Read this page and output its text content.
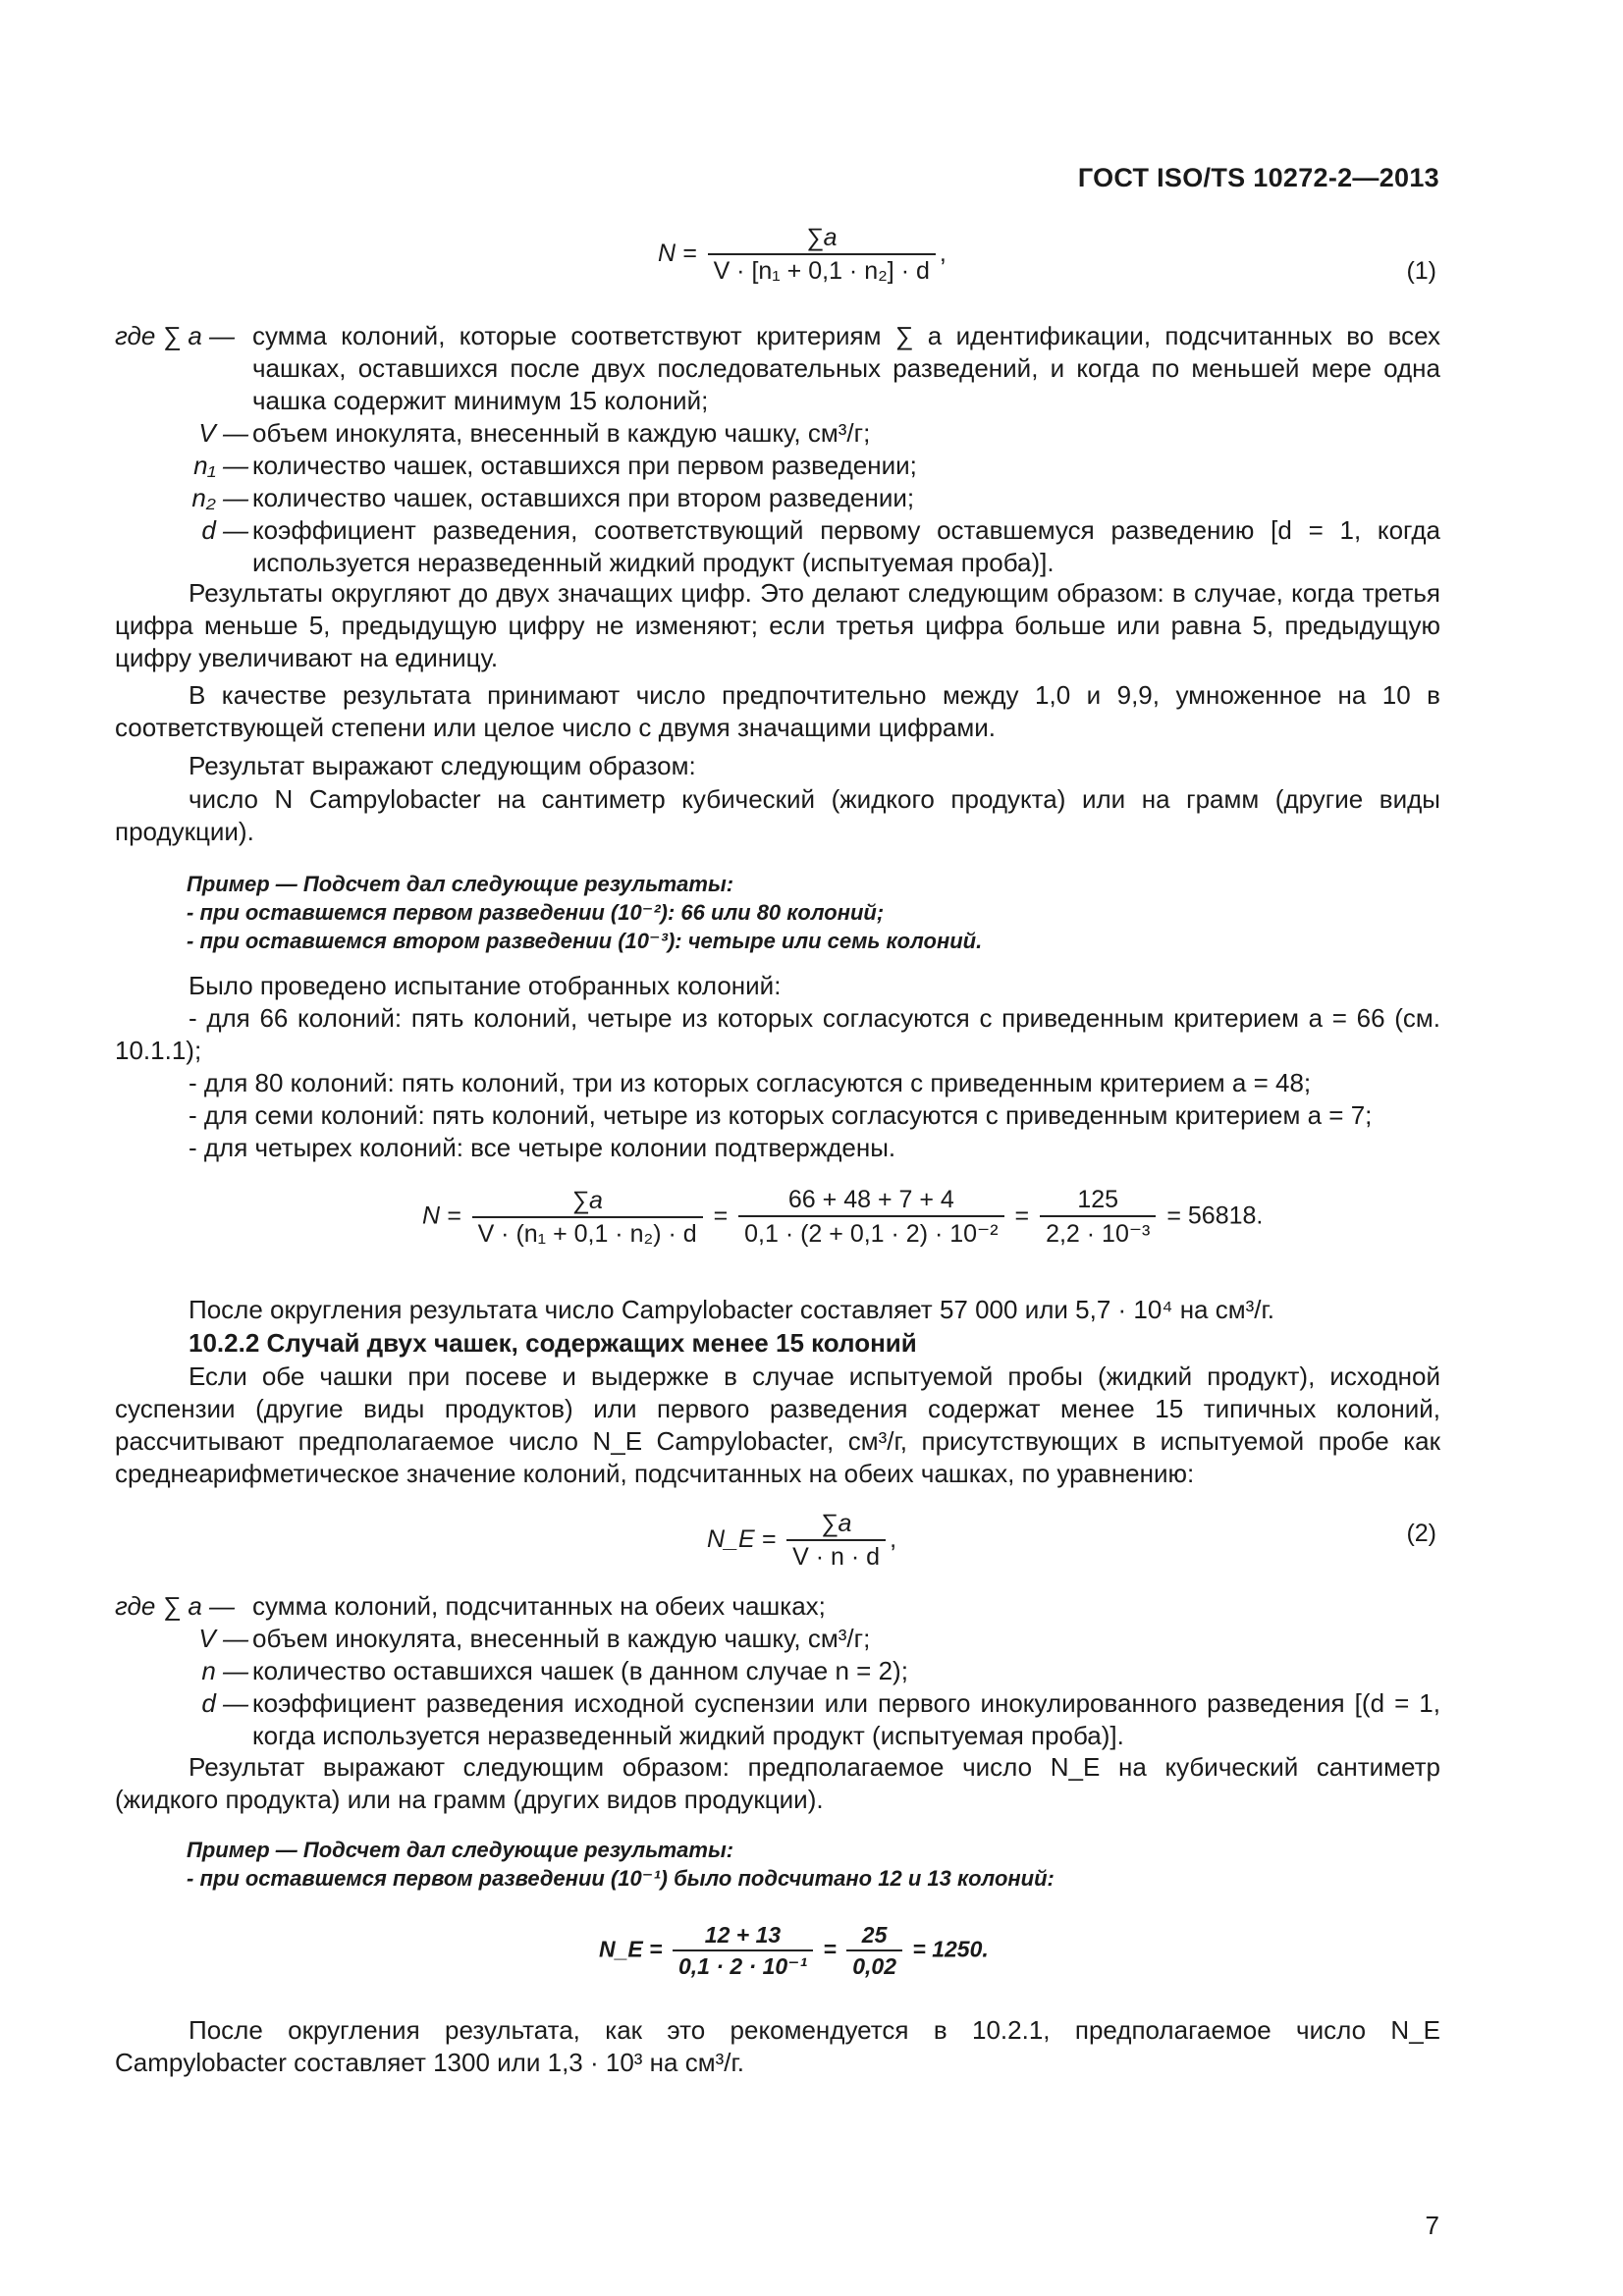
ГОСТ ISO/TS 10272-2—2013
$N = \frac{\sum a}{\text{V · [n₁ + 0,1 · n₂] · d}}$ ,
(1)
где ∑ a — сумма колоний, которые соответствуют критериям ∑ a идентификации, подсчитанных во всех чашках, оставшихся после двух последовательных разведений, и когда по меньшей мере одна чашка содержит минимум 15 колоний;
V — объем инокулята, внесенный в каждую чашку, см³/г;
n₁ — количество чашек, оставшихся при первом разведении;
n₂ — количество чашек, оставшихся при втором разведении;
d — коэффициент разведения, соответствующий первому оставшемуся разведению [d = 1, когда используется неразведенный жидкий продукт (испытуемая проба)].
Результаты округляют до двух значащих цифр. Это делают следующим образом: в случае, когда третья цифра меньше 5, предыдущую цифру не изменяют; если третья цифра больше или равна 5, предыдущую цифру увеличивают на единицу.
В качестве результата принимают число предпочтительно между 1,0 и 9,9, умноженное на 10 в соответствующей степени или целое число с двумя значащими цифрами.
Результат выражают следующим образом:
число N Campylobacter на сантиметр кубический (жидкого продукта) или на грамм (другие виды продукции).
Пример — Подсчет дал следующие результаты:
- при оставшемся первом разведении (10⁻²): 66 или 80 колоний;
- при оставшемся втором разведении (10⁻³): четыре или семь колоний.
Было проведено испытание отобранных колоний:
- для 66 колоний: пять колоний, четыре из которых согласуются с приведенным критерием a = 66 (см. 10.1.1);
- для 80 колоний: пять колоний, три из которых согласуются с приведенным критерием a = 48;
- для семи колоний: пять колоний, четыре из которых согласуются с приведенным критерием a = 7;
- для четырех колоний: все четыре колонии подтверждены.
$N = \frac{\sum a}{\text{V · (n₁ + 0,1 · n₂) · d}} = \frac{66 + 48 + 7 + 4}{\text{0,1 · (2 + 0,1 · 2) · 10⁻²}} = \frac{125}{\text{2,2 · 10⁻³}} = 56818$.
После округления результата число Campylobacter составляет 57 000 или 5,7 · 10⁴ на см³/г.
10.2.2 Случай двух чашек, содержащих менее 15 колоний
Если обе чашки при посеве и выдержке в случае испытуемой пробы (жидкий продукт), исходной суспензии (другие виды продуктов) или первого разведения содержат менее 15 типичных колоний, рассчитывают предполагаемое число N_E Campylobacter, см³/г, присутствующих в испытуемой пробе как среднеарифметическое значение колоний, подсчитанных на обеих чашках, по уравнению:
N_E = $\frac{\sum a}{V \cdot n \cdot d}$ ,	(2)
где ∑ a — сумма колоний, подсчитанных на обеих чашках;
V — объем инокулята, внесенный в каждую чашку, см³/г;
n — количество оставшихся чашек (в данном случае n = 2);
d — коэффициент разведения исходной суспензии или первого инокулированного разведения [(d = 1, когда используется неразведенный жидкий продукт (испытуемая проба)].
Результат выражают следующим образом: предполагаемое число N_E на кубический сантиметр (жидкого продукта) или на грамм (других видов продукции).
Пример — Подсчет дал следующие результаты:
- при оставшемся первом разведении (10⁻¹) было подсчитано 12 и 13 колоний:
N_E = $\frac{12 + 13}{\text{0,1 · 2 · 10⁻¹}} = \frac{25}{0,02} = 1250$.
После округления результата, как это рекомендуется в 10.2.1, предполагаемое число N_E Campylobacter составляет 1300 или 1,3 · 10³ на см³/г.
7
